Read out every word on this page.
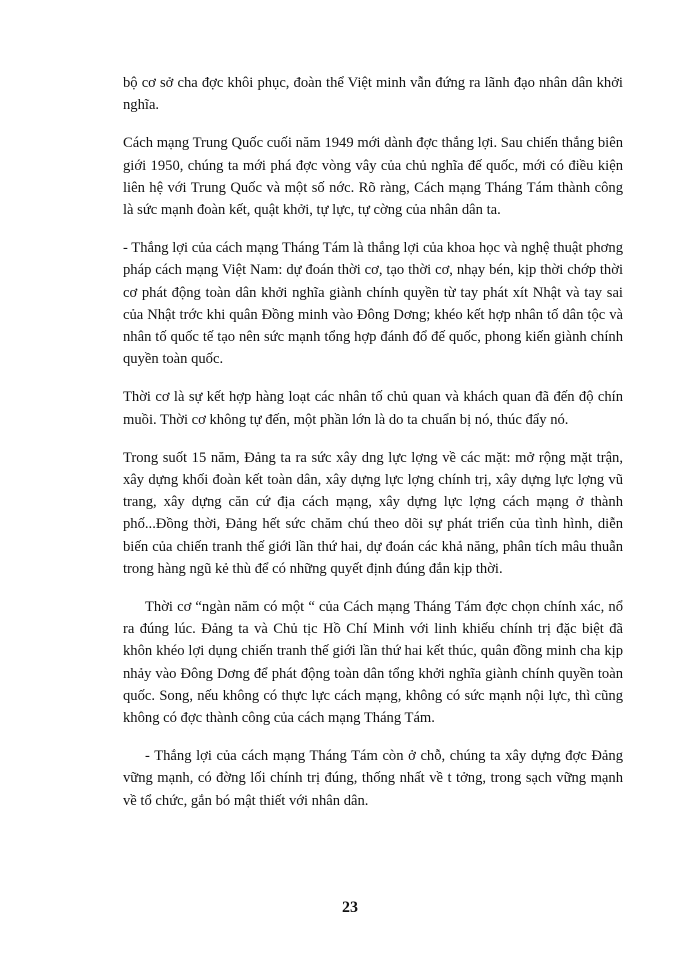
bộ cơ sở cha đợc khôi phục, đoàn thể Việt minh vẫn đứng ra lãnh đạo nhân dân khởi nghĩa.

Cách mạng Trung Quốc cuối năm 1949 mới dành đợc thắng lợi. Sau chiến thắng biên giới 1950, chúng ta mới phá đợc vòng vây của chủ nghĩa đế quốc, mới có điều kiện liên hệ với Trung Quốc và một số nớc. Rõ ràng, Cách mạng Tháng Tám thành công là sức mạnh đoàn kết, quật khởi, tự lực, tự cờng của nhân dân ta.

- Thắng lợi của cách mạng Tháng Tám là thắng lợi của khoa học và nghệ thuật phơng pháp cách mạng Việt Nam: dự đoán thời cơ, tạo thời cơ, nhạy bén, kịp thời chớp thời cơ phát động toàn dân khởi nghĩa giành chính quyền từ tay phát xít Nhật và tay sai của Nhật trớc khi quân Đồng minh vào Đông Dơng; khéo kết hợp nhân tố dân tộc và nhân tố quốc tế tạo nên sức mạnh tổng hợp đánh đổ đế quốc, phong kiến giành chính quyền toàn quốc.

Thời cơ là sự kết hợp hàng loạt các nhân tố chủ quan và khách quan đã đến độ chín muồi. Thời cơ không tự đến, một phần lớn là do ta chuẩn bị nó, thúc đẩy nó.

Trong suốt 15 năm, Đảng ta ra sức xây dng lực lợng về các mặt: mở rộng mặt trận, xây dựng khối đoàn kết toàn dân, xây dựng lực lợng chính trị, xây dựng lực lợng vũ trang, xây dựng căn cứ địa cách mạng, xây dựng lực lợng cách mạng ở thành phố...Đồng thời, Đảng hết sức chăm chú theo dõi sự phát triển của tình hình, diễn biến của chiến tranh thế giới lần thứ hai, dự đoán các khả năng, phân tích mâu thuẫn trong hàng ngũ kẻ thù để có những quyết định đúng đắn kịp thời.

Thời cơ “ngàn năm có một “ của Cách mạng Tháng Tám đợc chọn chính xác, nổ ra đúng lúc. Đảng ta và Chủ tịc Hồ Chí Minh với linh khiếu chính trị đặc biệt đã khôn khéo lợi dụng chiến tranh thế giới lần thứ hai kết thúc, quân đồng minh cha kịp nhảy vào Đông Dơng để phát động toàn dân tổng khởi nghĩa giành chính quyền toàn quốc. Song, nếu không có thực lực cách mạng, không có sức mạnh nội lực, thì cũng không có đợc thành công của cách mạng Tháng Tám.

- Thắng lợi của cách mạng Tháng Tám còn ở chỗ, chúng ta xây dựng đợc Đảng vững mạnh, có đờng lối chính trị đúng, thống nhất về t tởng, trong sạch vững mạnh về tổ chức, gắn bó mật thiết với nhân dân.

23
